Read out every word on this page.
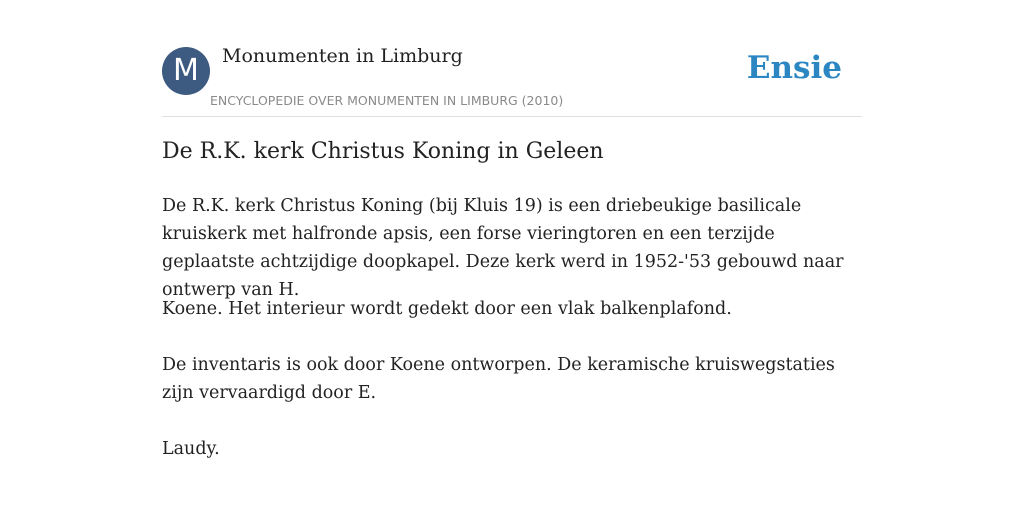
M	Monumenten in Limburg
ENCYCLOPEDIE OVER MONUMENTEN IN LIMBURG (2010)
Ensie
De R.K. kerk Christus Koning in Geleen

De R.K. kerk Christus Koning (bij Kluis 19) is een driebeukige basilicale kruiskerk met halfronde apsis, een forse vieringtoren en een terzijde geplaatste achtzijdige doopkapel. Deze kerk werd in 1952-'53 gebouwd naar ontwerp van H.

Koene. Het interieur wordt gedekt door een vlak balkenplafond.

De inventaris is ook door Koene ontworpen. De keramische kruiswegstaties zijn vervaardigd door E.

Laudy.
